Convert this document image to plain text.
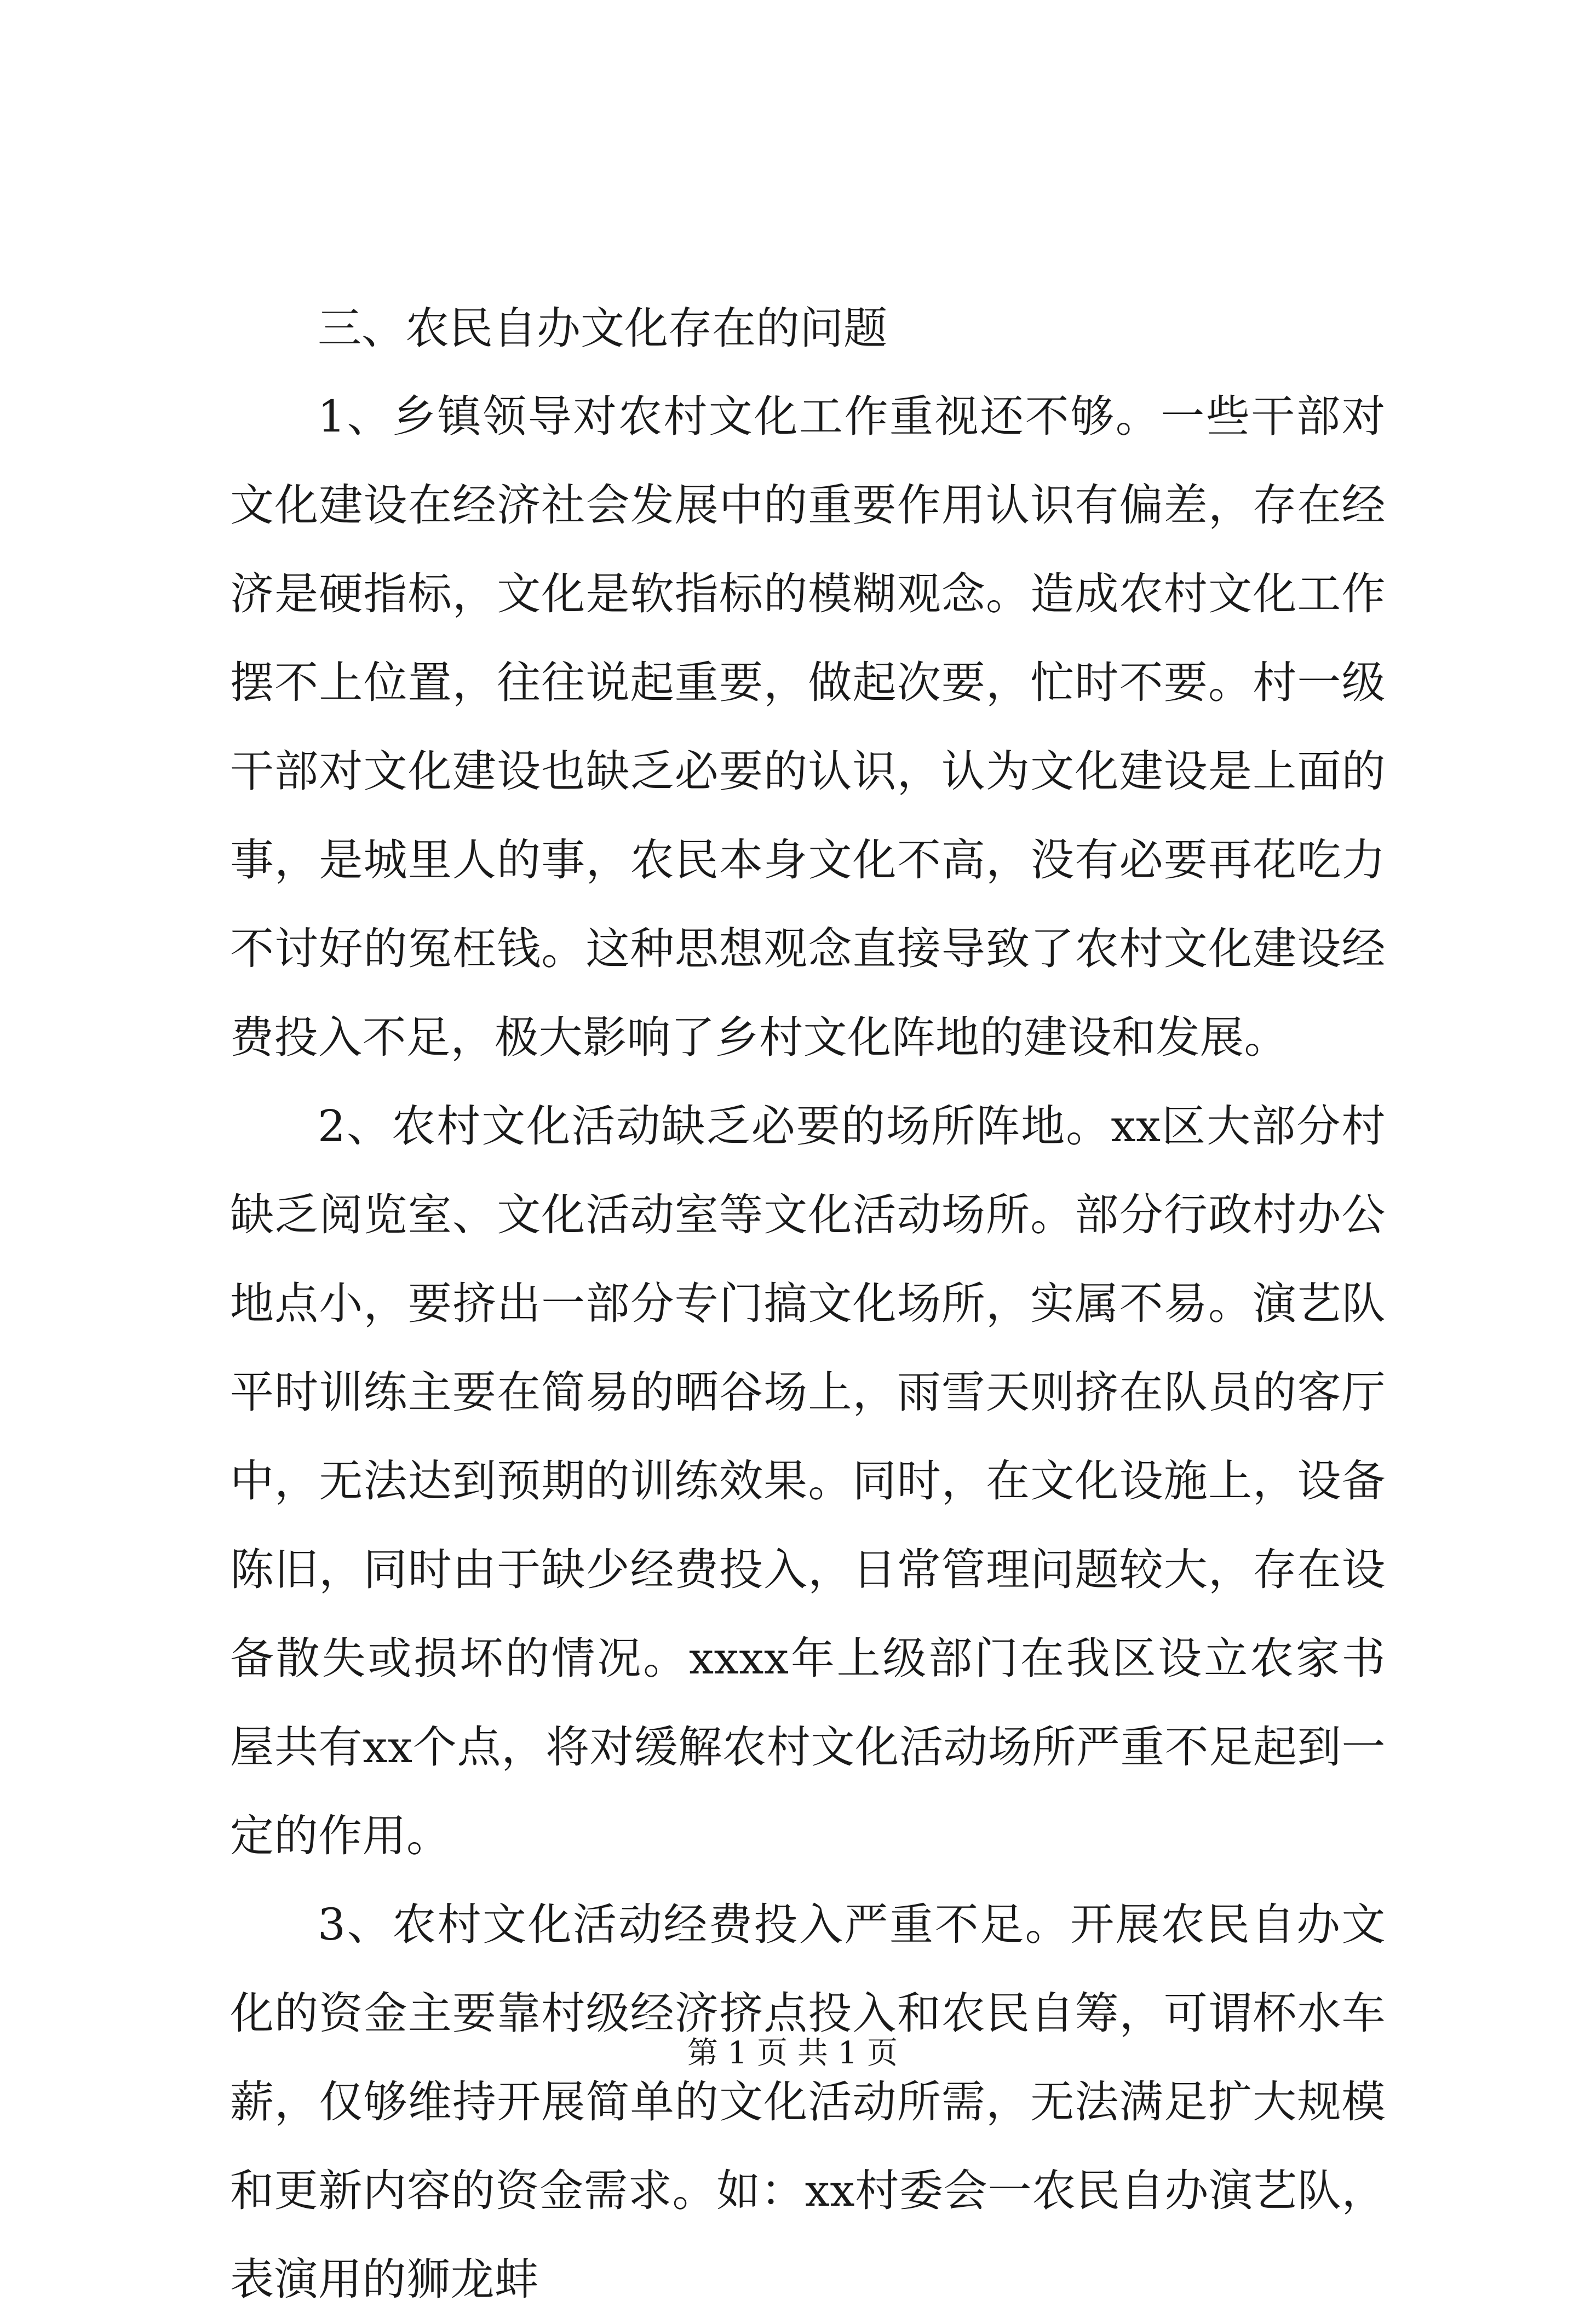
三、农民自办文化存在的问题

1、乡镇领导对农村文化工作重视还不够。一些干部对文化建设在经济社会发展中的重要作用认识有偏差，存在经济是硬指标，文化是软指标的模糊观念。造成农村文化工作摆不上位置，往往说起重要，做起次要，忙时不要。村一级干部对文化建设也缺乏必要的认识，认为文化建设是上面的事，是城里人的事，农民本身文化不高，没有必要再花吃力不讨好的冤枉钱。这种思想观念直接导致了农村文化建设经费投入不足，极大影响了乡村文化阵地的建设和发展。

2、农村文化活动缺乏必要的场所阵地。xx区大部分村缺乏阅览室、文化活动室等文化活动场所。部分行政村办公地点小，要挤出一部分专门搞文化场所，实属不易。演艺队平时训练主要在简易的晒谷场上，雨雪天则挤在队员的客厅中，无法达到预期的训练效果。同时，在文化设施上，设备陈旧，同时由于缺少经费投入，日常管理问题较大，存在设备散失或损坏的情况。xxxx年上级部门在我区设立农家书屋共有xx个点，将对缓解农村文化活动场所严重不足起到一定的作用。

3、农村文化活动经费投入严重不足。开展农民自办文化的资金主要靠村级经济挤点投入和农民自筹，可谓杯水车薪，仅够维持开展简单的文化活动所需，无法满足扩大规模和更新内容的资金需求。如：xx村委会一农民自办演艺队，表演用的狮龙蚌

第 1 页 共 1 页
